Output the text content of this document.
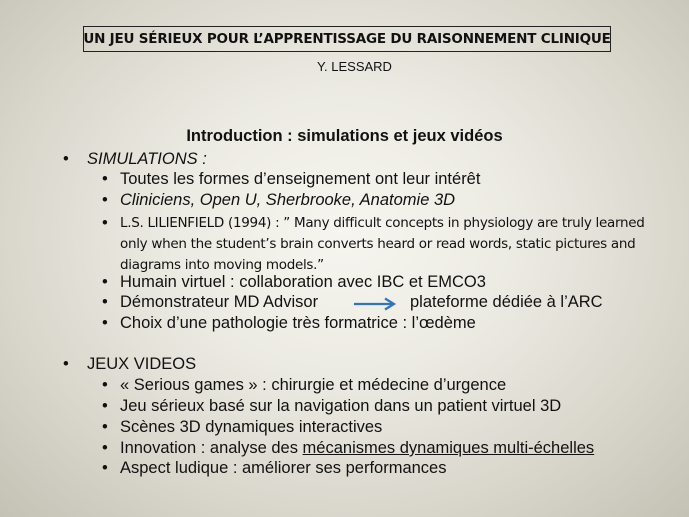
UN JEU SÉRIEUX POUR L’APPRENTISSAGE DU RAISONNEMENT CLINIQUE
Y. LESSARD
Introduction : simulations et jeux vidéos
• SIMULATIONS :
• Toutes les formes d’enseignement ont leur intérêt
• Cliniciens, Open U, Sherbrooke, Anatomie 3D
• L.S. LILIENFIELD (1994) : ” Many difficult concepts in physiology are truly learned only when the student’s brain converts heard or read words, static pictures and diagrams into moving models.”
• Humain virtuel : collaboration avec IBC et EMCO3
• Démonstrateur MD Advisor	plateforme dédiée à l’ARC
• Choix d’une pathologie très formatrice : l’œdème
• JEUX VIDEOS
• « Serious games » : chirurgie et médecine d’urgence
• Jeu sérieux basé sur la navigation dans un patient virtuel 3D
• Scènes 3D dynamiques interactives
• Innovation : analyse des mécanismes dynamiques multi-échelles
• Aspect ludique : améliorer ses performances
